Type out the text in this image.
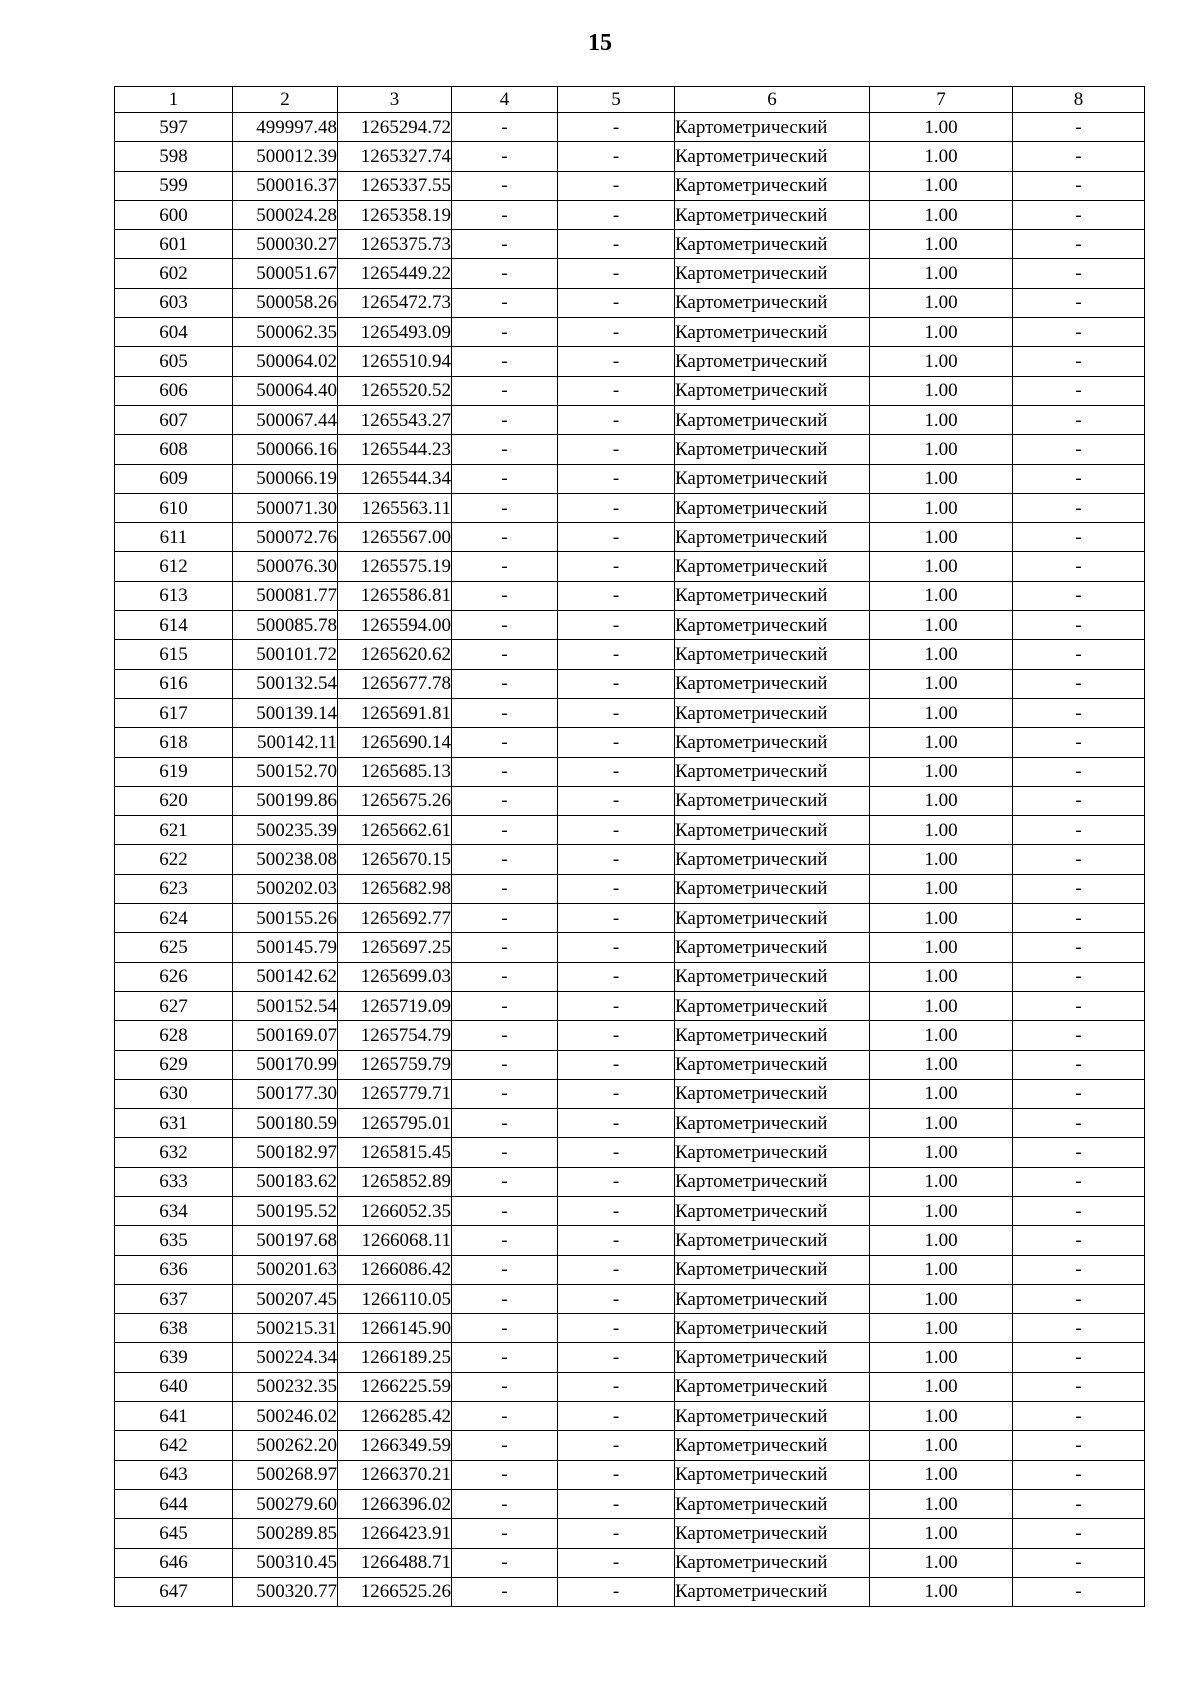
15
1	2	3	4	5	6	7	8
597	499997.48	1265294.72	-	-	Картометрический	1.00	-
598	500012.39	1265327.74	-	-	Картометрический	1.00	-
599	500016.37	1265337.55	-	-	Картометрический	1.00	-
600	500024.28	1265358.19	-	-	Картометрический	1.00	-
601	500030.27	1265375.73	-	-	Картометрический	1.00	-
602	500051.67	1265449.22	-	-	Картометрический	1.00	-
603	500058.26	1265472.73	-	-	Картометрический	1.00	-
604	500062.35	1265493.09	-	-	Картометрический	1.00	-
605	500064.02	1265510.94	-	-	Картометрический	1.00	-
606	500064.40	1265520.52	-	-	Картометрический	1.00	-
607	500067.44	1265543.27	-	-	Картометрический	1.00	-
608	500066.16	1265544.23	-	-	Картометрический	1.00	-
609	500066.19	1265544.34	-	-	Картометрический	1.00	-
610	500071.30	1265563.11	-	-	Картометрический	1.00	-
611	500072.76	1265567.00	-	-	Картометрический	1.00	-
612	500076.30	1265575.19	-	-	Картометрический	1.00	-
613	500081.77	1265586.81	-	-	Картометрический	1.00	-
614	500085.78	1265594.00	-	-	Картометрический	1.00	-
615	500101.72	1265620.62	-	-	Картометрический	1.00	-
616	500132.54	1265677.78	-	-	Картометрический	1.00	-
617	500139.14	1265691.81	-	-	Картометрический	1.00	-
618	500142.11	1265690.14	-	-	Картометрический	1.00	-
619	500152.70	1265685.13	-	-	Картометрический	1.00	-
620	500199.86	1265675.26	-	-	Картометрический	1.00	-
621	500235.39	1265662.61	-	-	Картометрический	1.00	-
622	500238.08	1265670.15	-	-	Картометрический	1.00	-
623	500202.03	1265682.98	-	-	Картометрический	1.00	-
624	500155.26	1265692.77	-	-	Картометрический	1.00	-
625	500145.79	1265697.25	-	-	Картометрический	1.00	-
626	500142.62	1265699.03	-	-	Картометрический	1.00	-
627	500152.54	1265719.09	-	-	Картометрический	1.00	-
628	500169.07	1265754.79	-	-	Картометрический	1.00	-
629	500170.99	1265759.79	-	-	Картометрический	1.00	-
630	500177.30	1265779.71	-	-	Картометрический	1.00	-
631	500180.59	1265795.01	-	-	Картометрический	1.00	-
632	500182.97	1265815.45	-	-	Картометрический	1.00	-
633	500183.62	1265852.89	-	-	Картометрический	1.00	-
634	500195.52	1266052.35	-	-	Картометрический	1.00	-
635	500197.68	1266068.11	-	-	Картометрический	1.00	-
636	500201.63	1266086.42	-	-	Картометрический	1.00	-
637	500207.45	1266110.05	-	-	Картометрический	1.00	-
638	500215.31	1266145.90	-	-	Картометрический	1.00	-
639	500224.34	1266189.25	-	-	Картометрический	1.00	-
640	500232.35	1266225.59	-	-	Картометрический	1.00	-
641	500246.02	1266285.42	-	-	Картометрический	1.00	-
642	500262.20	1266349.59	-	-	Картометрический	1.00	-
643	500268.97	1266370.21	-	-	Картометрический	1.00	-
644	500279.60	1266396.02	-	-	Картометрический	1.00	-
645	500289.85	1266423.91	-	-	Картометрический	1.00	-
646	500310.45	1266488.71	-	-	Картометрический	1.00	-
647	500320.77	1266525.26	-	-	Картометрический	1.00	-
